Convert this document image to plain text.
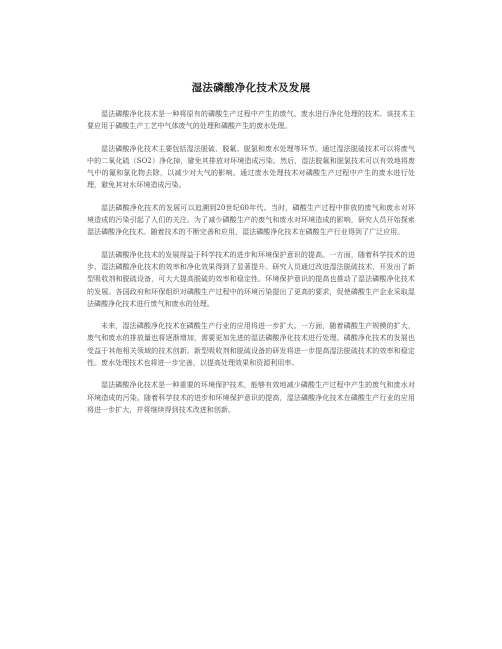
湿法磷酸净化技术及发展

湿法磷酸净化技术是一种将原有的磷酸生产过程中产生的废气、废水进行净化处理的技术。该技术主要应用于磷酸生产工艺中气体废气的处理和磷酸产生的废水处理。

湿法磷酸净化技术主要包括湿法脱硫、脱氟、脱氯和废水处理等环节。通过湿法脱硫技术可以将废气中的二氧化硫（SO2）净化掉，避免其排放对环境造成污染。然后，湿法脱氟和脱氯技术可以有效地将废气中的氟和氯化物去除，以减少对大气的影响。通过废水处理技术对磷酸生产过程中产生的废水进行处理，避免其对水环境造成污染。

湿法磷酸净化技术的发展可以追溯到20世纪60年代。当时，磷酸生产过程中排放的废气和废水对环境造成的污染引起了人们的关注。为了减少磷酸生产的废气和废水对环境造成的影响，研究人员开始探索湿法磷酸净化技术。随着技术的不断完善和应用，湿法磷酸净化技术在磷酸生产行业得到了广泛应用。

湿法磷酸净化技术的发展得益于科学技术的进步和环境保护意识的提高。一方面，随着科学技术的进步，湿法磷酸净化技术的效率和净化效果得到了显著提升。研究人员通过改进湿法脱硫技术，开发出了新型吸收剂和脱硫设备，可大大提高脱硫的效率和稳定性。环境保护意识的提高也推动了湿法磷酸净化技术的发展。各国政府和环保组织对磷酸生产过程中的环境污染提出了更高的要求，促使磷酸生产企业采取湿法磷酸净化技术进行废气和废水的处理。

未来，湿法磷酸净化技术在磷酸生产行业的应用将进一步扩大。一方面，随着磷酸生产规模的扩大，废气和废水的排放量也将逐渐增加，需要更加先进的湿法磷酸净化技术进行处理。磷酸净化技术的发展也受益于其他相关领域的技术创新。新型吸收剂和脱硫设备的研发将进一步提高湿法脱硫技术的效率和稳定性。废水处理技术也将进一步完善，以提高处理效果和资源利用率。

湿法磷酸净化技术是一种重要的环境保护技术，能够有效地减少磷酸生产过程中产生的废气和废水对环境造成的污染。随着科学技术的进步和环境保护意识的提高，湿法磷酸净化技术在磷酸生产行业的应用将进一步扩大，并将继续得到技术改进和创新。
